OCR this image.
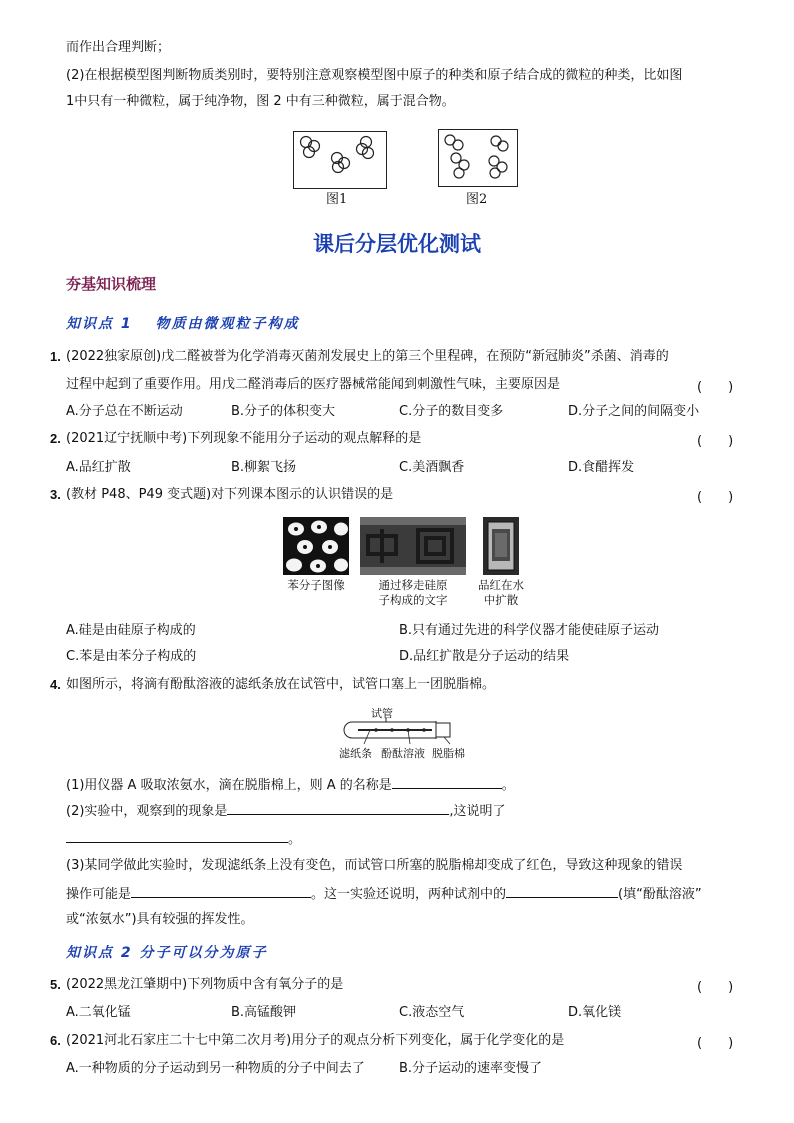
而作出合理判断；
(2)在根据模型图判断物质类别时，要特别注意观察模型图中原子的种类和原子结合成的微粒的种类，比如图
1中只有一种微粒，属于纯净物，图 2 中有三种微粒，属于混合物。
图1	图2
课后分层优化测试
夯基知识梳理
知识点 1　 物质由微观粒子构成
1. (2022独家原创)戊二醛被誉为化学消毒灭菌剂发展史上的第三个里程碑，在预防“新冠肺炎”杀菌、消毒的
过程中起到了重要作用。用戊二醛消毒后的医疗器械常能闻到刺激性气味，主要原因是	(　　)
A.分子总在不断运动	B.分子的体积变大	C.分子的数目变多	D.分子之间的间隔变小
2. (2021辽宁抚顺中考)下列现象不能用分子运动的观点解释的是	(　　)
A.品红扩散	B.柳絮飞扬	C.美酒飘香	D.食醋挥发
3. (教材 P48、P49 变式题)对下列课本图示的认识错误的是	(　　)
苯分子图像	通过移走硅原
子构成的文字
品红在水
中扩散
A.硅是由硅原子构成的	B.只有通过先进的科学仪器才能使硅原子运动
C.苯是由苯分子构成的	D.品红扩散是分子运动的结果
4. 如图所示，将滴有酚酞溶液的滤纸条放在试管中，试管口塞上一团脱脂棉。
试管
滤纸条 酚酞溶液 脱脂棉
(1)用仪器 A 吸取浓氨水，滴在脱脂棉上，则 A 的名称是	。
(2)实验中，观察到的现象是	,这说明了
。
(3)某同学做此实验时，发现滤纸条上没有变色，而试管口所塞的脱脂棉却变成了红色，导致这种现象的错误
操作可能是	。这一实验还说明，两种试剂中的	(填“酚酞溶液”
或“浓氨水”)具有较强的挥发性。
知识点 2 分子可以分为原子
5. (2022黑龙江肇期中)下列物质中含有氧分子的是	(　　)
A.二氧化锰	B.高锰酸钾	C.液态空气	D.氧化镁
6. (2021河北石家庄二十七中第二次月考)用分子的观点分析下列变化，属于化学变化的是	(　　)
A.一种物质的分子运动到另一种物质的分子中间去了	B.分子运动的速率变慢了
